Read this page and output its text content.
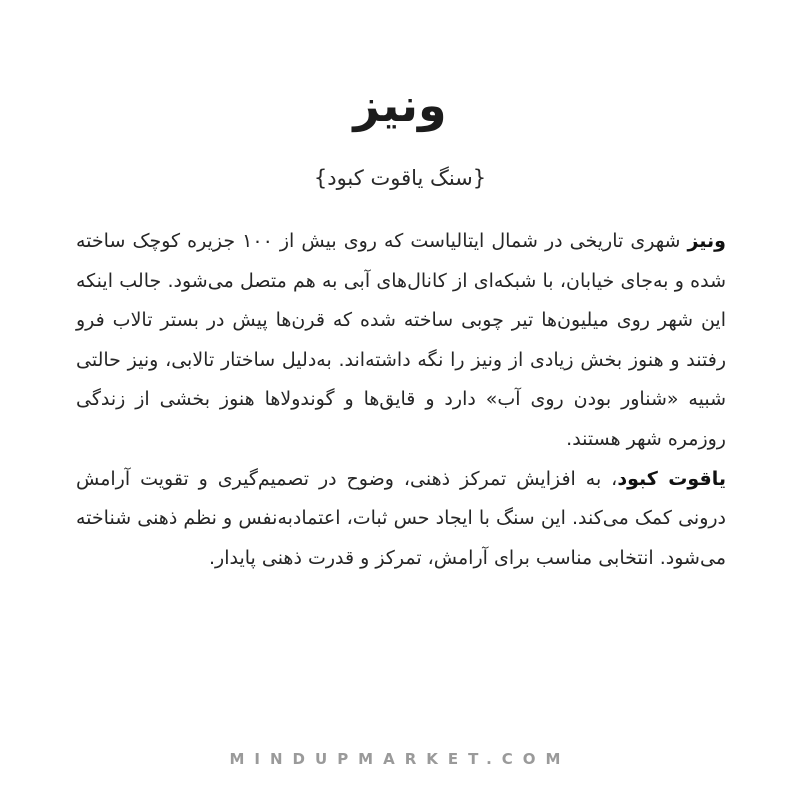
ونیز
{سنگ یاقوت کبود}

ونیز شهری تاریخی در شمال ایتالیاست که روی بیش از ۱۰۰ جزیره کوچک ساخته شده و به‌جای خیابان، با شبکه‌ای از کانال‌های آبی به هم متصل می‌شود. جالب اینکه این شهر روی میلیون‌ها تیر چوبی ساخته شده که قرن‌ها پیش در بستر تالاب فرو رفتند و هنوز بخش زیادی از ونیز را نگه داشته‌اند. به‌دلیل ساختار تالابی، ونیز حالتی شبیه «شناور بودن روی آب» دارد و قایق‌ها و گوندولاها هنوز بخشی از زندگی روزمره شهر هستند.

یاقوت کبود، به افزایش تمرکز ذهنی، وضوح در تصمیم‌گیری و تقویت آرامش درونی کمک می‌کند. این سنگ با ایجاد حس ثبات، اعتمادبه‌نفس و نظم ذهنی شناخته می‌شود. انتخابی مناسب برای آرامش، تمرکز و قدرت ذهنی پایدار.

MINDUPMARKET.COM
